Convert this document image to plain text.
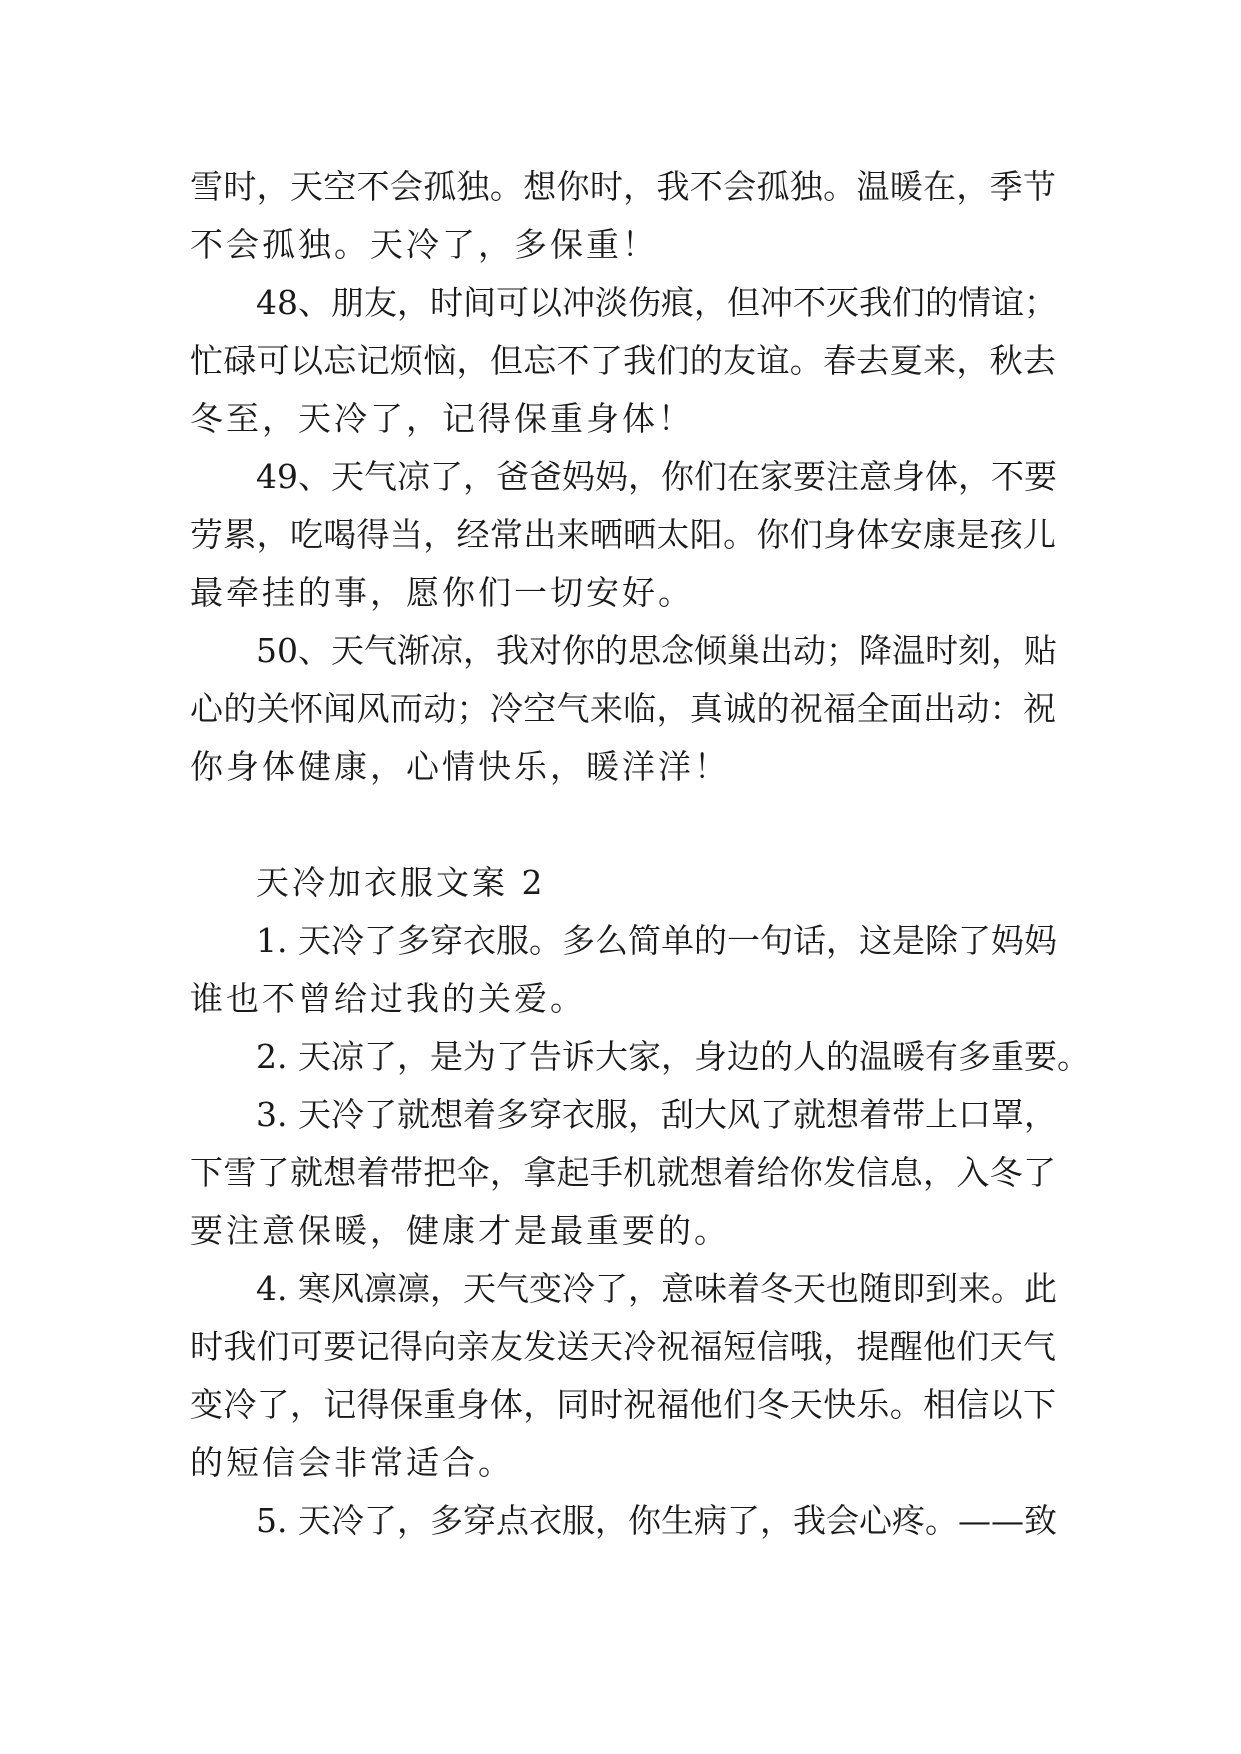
雪时，天空不会孤独。想你时，我不会孤独。温暖在，季节
不会孤独。天冷了，多保重！
48、朋友，时间可以冲淡伤痕，但冲不灭我们的情谊；
忙碌可以忘记烦恼，但忘不了我们的友谊。春去夏来，秋去
冬至，天冷了，记得保重身体！
49、天气凉了，爸爸妈妈，你们在家要注意身体，不要
劳累，吃喝得当，经常出来晒晒太阳。你们身体安康是孩儿
最牵挂的事，愿你们一切安好。
50、天气渐凉，我对你的思念倾巢出动；降温时刻，贴
心的关怀闻风而动；冷空气来临，真诚的祝福全面出动：祝
你身体健康，心情快乐，暖洋洋！
天冷加衣服文案 2
1. 天冷了多穿衣服。多么简单的一句话，这是除了妈妈
谁也不曾给过我的关爱。
2. 天凉了，是为了告诉大家，身边的人的温暖有多重要。
3. 天冷了就想着多穿衣服，刮大风了就想着带上口罩，
下雪了就想着带把伞，拿起手机就想着给你发信息，入冬了
要注意保暖，健康才是最重要的。
4. 寒风凛凛，天气变冷了，意味着冬天也随即到来。此
时我们可要记得向亲友发送天冷祝福短信哦，提醒他们天气
变冷了，记得保重身体，同时祝福他们冬天快乐。相信以下
的短信会非常适合。
5. 天冷了，多穿点衣服，你生病了，我会心疼。——致
